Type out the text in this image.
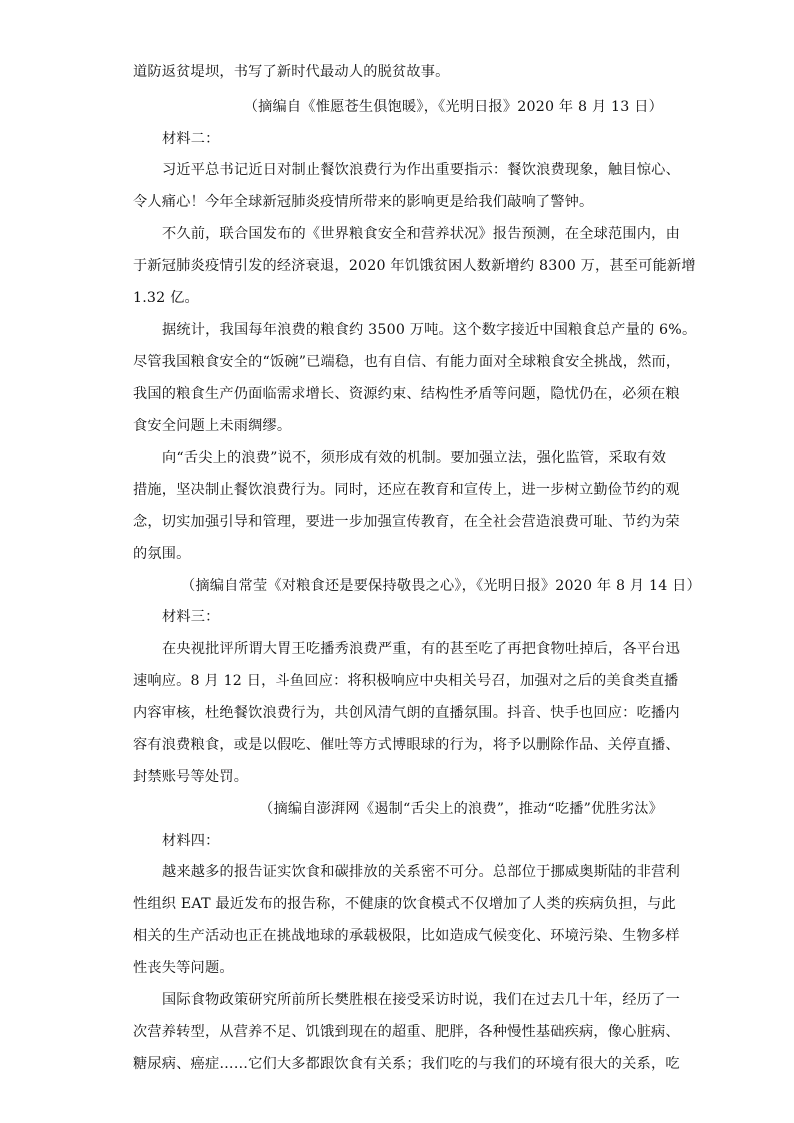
道防返贫堤坝，书写了新时代最动人的脱贫故事。
（摘编自《惟愿苍生俱饱暖》，《光明日报》2020 年 8 月 13 日）
材料二：
习近平总书记近日对制止餐饮浪费行为作出重要指示：餐饮浪费现象，触目惊心、
令人痛心！今年全球新冠肺炎疫情所带来的影响更是给我们敲响了警钟。
不久前，联合国发布的《世界粮食安全和营养状况》报告预测，在全球范围内，由
于新冠肺炎疫情引发的经济衰退，2020 年饥饿贫困人数新增约 8300 万，甚至可能新增
1.32 亿。
据统计，我国每年浪费的粮食约 3500 万吨。这个数字接近中国粮食总产量的 6%。
尽管我国粮食安全的“饭碗”已端稳，也有自信、有能力面对全球粮食安全挑战，然而，
我国的粮食生产仍面临需求增长、资源约束、结构性矛盾等问题，隐忧仍在，必须在粮
食安全问题上未雨绸缪。
向“舌尖上的浪费”说不，须形成有效的机制。要加强立法，强化监管，采取有效
措施，坚决制止餐饮浪费行为。同时，还应在教育和宣传上，进一步树立勤俭节约的观
念，切实加强引导和管理，要进一步加强宣传教育，在全社会营造浪费可耻、节约为荣
的氛围。
（摘编自常莹《对粮食还是要保持敬畏之心》，《光明日报》2020 年 8 月 14 日）
材料三：
在央视批评所谓大胃王吃播秀浪费严重，有的甚至吃了再把食物吐掉后，各平台迅
速响应。8 月 12 日，斗鱼回应：将积极响应中央相关号召，加强对之后的美食类直播
内容审核，杜绝餐饮浪费行为，共创风清气朗的直播氛围。抖音、快手也回应：吃播内
容有浪费粮食，或是以假吃、催吐等方式博眼球的行为，将予以删除作品、关停直播、
封禁账号等处罚。
（摘编自澎湃网《遏制“舌尖上的浪费”，推动“吃播”优胜劣汰》
材料四：
越来越多的报告证实饮食和碳排放的关系密不可分。总部位于挪威奥斯陆的非营利
性组织 EAT 最近发布的报告称，不健康的饮食模式不仅增加了人类的疾病负担，与此
相关的生产活动也正在挑战地球的承载极限，比如造成气候变化、环境污染、生物多样
性丧失等问题。
国际食物政策研究所前所长樊胜根在接受采访时说，我们在过去几十年，经历了一
次营养转型，从营养不足、饥饿到现在的超重、肥胖，各种慢性基础疾病，像心脏病、
糖尿病、癌症……它们大多都跟饮食有关系；我们吃的与我们的环境有很大的关系，吃
